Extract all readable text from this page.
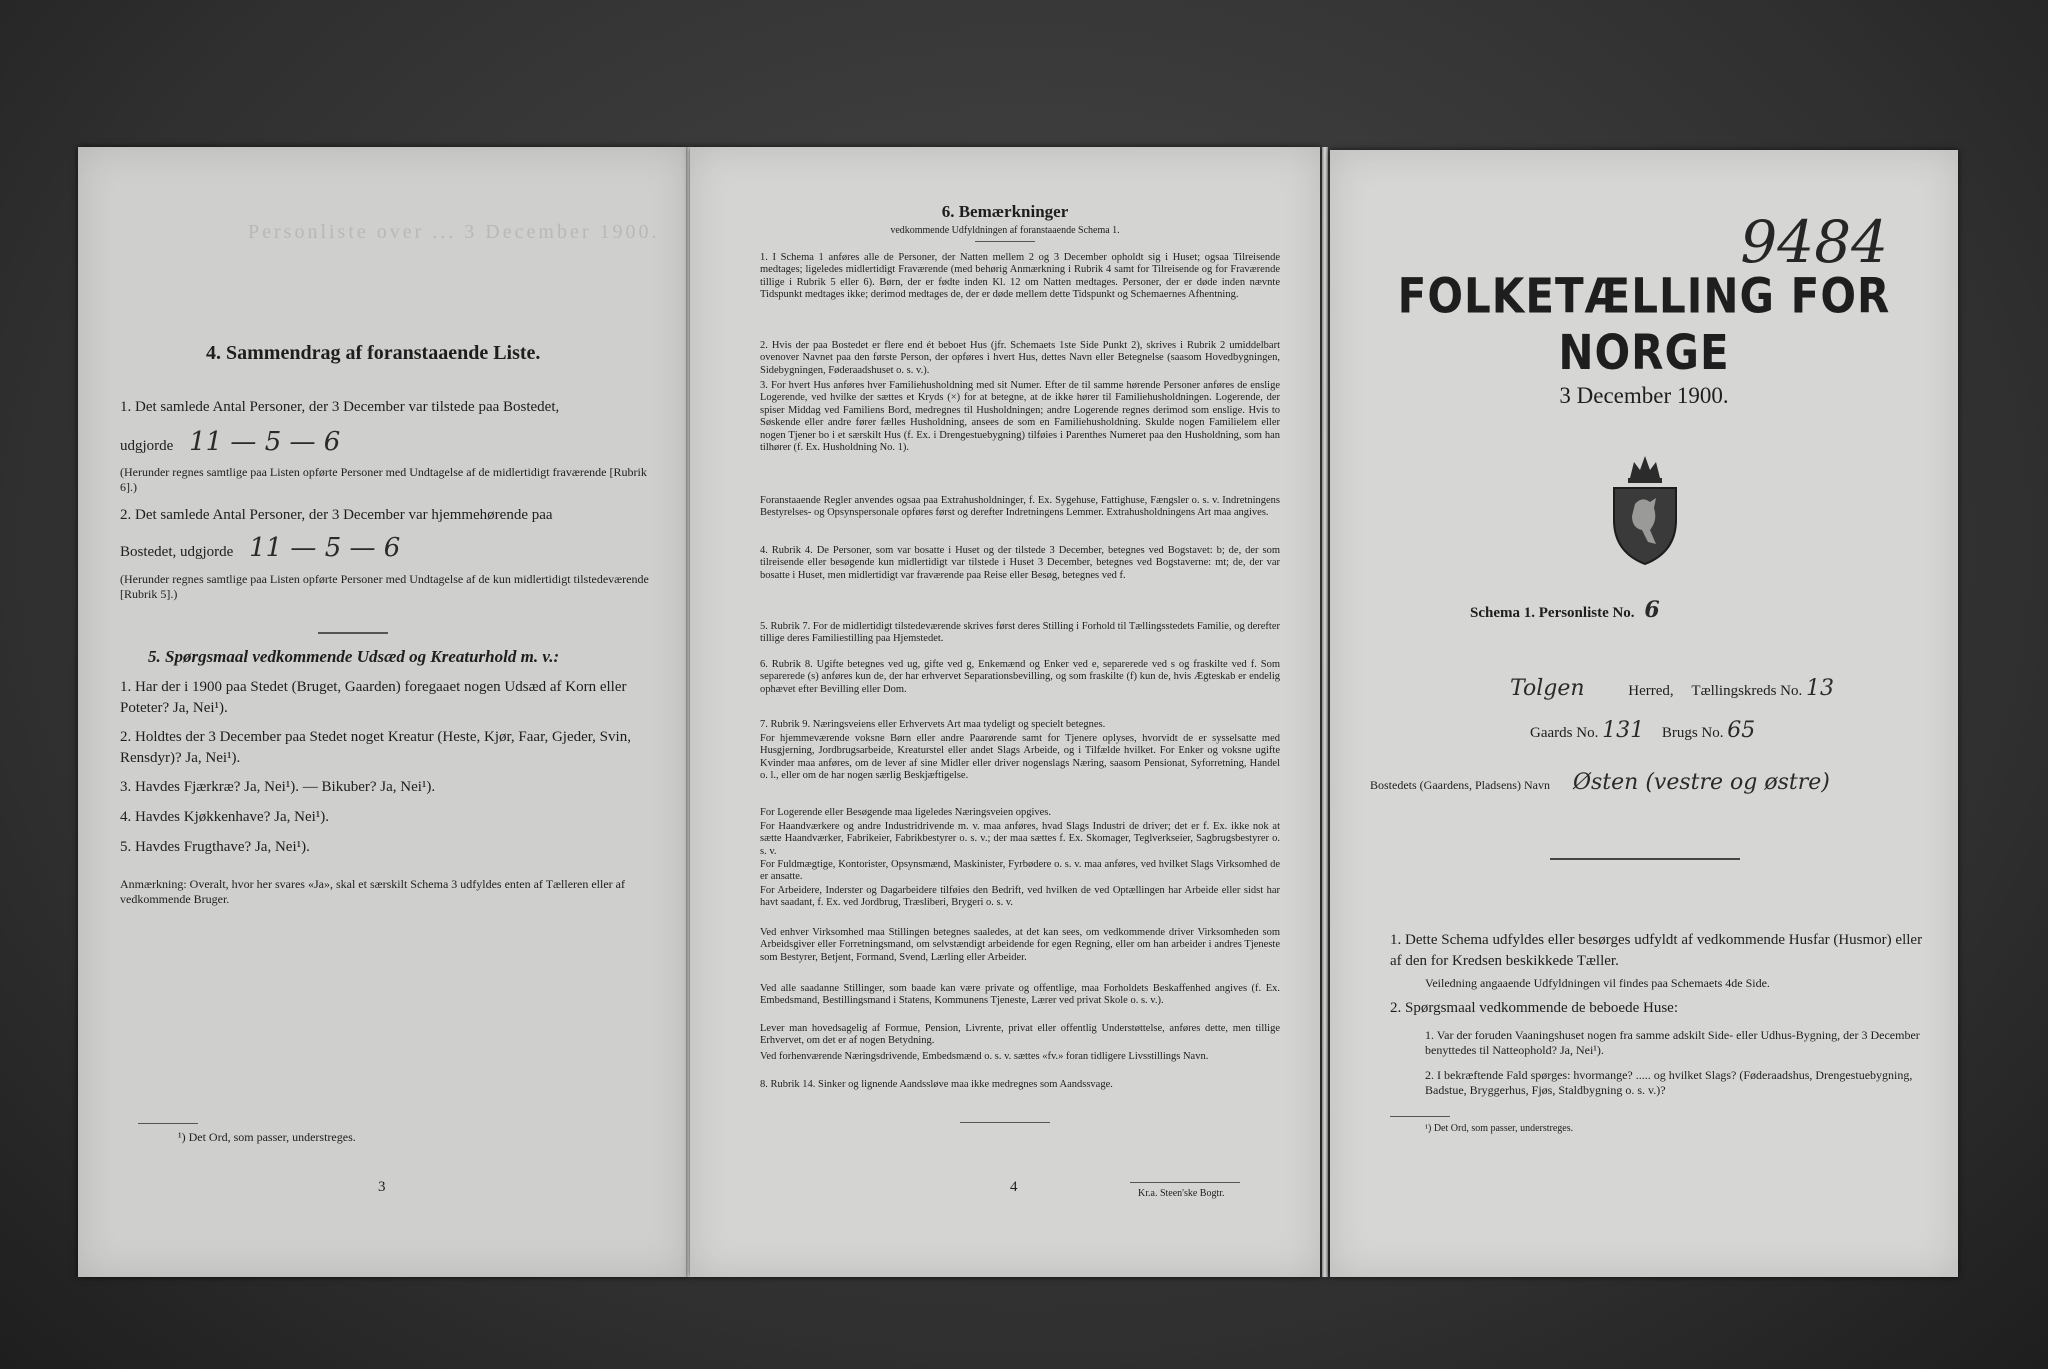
Personliste over ... 3 December 1900.
4. Sammendrag af foranstaaende Liste.
1. Det samlede Antal Personer, der 3 December var tilstede paa Bostedet,
udgjorde 11 — 5 — 6
(Herunder regnes samtlige paa Listen opførte Personer med Undtagelse af de midlertidigt fraværende [Rubrik 6].)
2. Det samlede Antal Personer, der 3 December var hjemmehørende paa
Bostedet, udgjorde 11 — 5 — 6
(Herunder regnes samtlige paa Listen opførte Personer med Undtagelse af de kun midlertidigt tilstedeværende [Rubrik 5].)
5. Spørgsmaal vedkommende Udsæd og Kreaturhold m. v.:
1. Har der i 1900 paa Stedet (Bruget, Gaarden) foregaaet nogen Udsæd af Korn eller Poteter? Ja, Nei¹).
2. Holdtes der 3 December paa Stedet noget Kreatur (Heste, Kjør, Faar, Gjeder, Svin, Rensdyr)? Ja, Nei¹).
3. Havdes Fjærkræ? Ja, Nei¹). — Bikuber? Ja, Nei¹).
4. Havdes Kjøkkenhave? Ja, Nei¹).
5. Havdes Frugthave? Ja, Nei¹).
Anmærkning: Overalt, hvor her svares «Ja», skal et særskilt Schema 3 udfyldes enten af Tælleren eller af vedkommende Bruger.
¹) Det Ord, som passer, understreges.
3
6. Bemærkninger
vedkommende Udfyldningen af foranstaaende Schema 1.
1. I Schema 1 anføres alle de Personer, der Natten mellem 2 og 3 December opholdt sig i Huset; ogsaa Tilreisende medtages; ligeledes midlertidigt Fraværende (med behørig Anmærkning i Rubrik 4 samt for Tilreisende og for Fraværende tillige i Rubrik 5 eller 6). Børn, der er fødte inden Kl. 12 om Natten medtages. Personer, der er døde inden nævnte Tidspunkt medtages ikke; derimod medtages de, der er døde mellem dette Tidspunkt og Schemaernes Afhentning.
2. Hvis der paa Bostedet er flere end ét beboet Hus (jfr. Schemaets 1ste Side Punkt 2), skrives i Rubrik 2 umiddelbart ovenover Navnet paa den første Person, der opføres i hvert Hus, dettes Navn eller Betegnelse (saasom Hovedbygningen, Sidebygningen, Føderaadshuset o. s. v.).
3. For hvert Hus anføres hver Familiehusholdning med sit Numer. Efter de til samme hørende Personer anføres de enslige Logerende, ved hvilke der sættes et Kryds (×) for at betegne, at de ikke hører til Familiehusholdningen. Logerende, der spiser Middag ved Familiens Bord, medregnes til Husholdningen; andre Logerende regnes derimod som enslige. Hvis to Søskende eller andre fører fælles Husholdning, ansees de som en Familiehusholdning. Skulde nogen Familielem eller nogen Tjener bo i et særskilt Hus (f. Ex. i Drengestuebygning) tilføies i Parenthes Numeret paa den Husholdning, som han tilhører (f. Ex. Husholdning No. 1).
Foranstaaende Regler anvendes ogsaa paa Extrahusholdninger, f. Ex. Sygehuse, Fattighuse, Fængsler o. s. v. Indretningens Bestyrelses- og Opsynspersonale opføres først og derefter Indretningens Lemmer. Extrahusholdningens Art maa angives.
4. Rubrik 4. De Personer, som var bosatte i Huset og der tilstede 3 December, betegnes ved Bogstavet: b; de, der som tilreisende eller besøgende kun midlertidigt var tilstede i Huset 3 December, betegnes ved Bogstaverne: mt; de, der var bosatte i Huset, men midlertidigt var fraværende paa Reise eller Besøg, betegnes ved f.
5. Rubrik 7. For de midlertidigt tilstedeværende skrives først deres Stilling i Forhold til Tællingsstedets Familie, og derefter tillige deres Familiestilling paa Hjemstedet.
6. Rubrik 8. Ugifte betegnes ved ug, gifte ved g, Enkemænd og Enker ved e, separerede ved s og fraskilte ved f. Som separerede (s) anføres kun de, der har erhvervet Separationsbevilling, og som fraskilte (f) kun de, hvis Ægteskab er endelig ophævet efter Bevilling eller Dom.
7. Rubrik 9. Næringsveiens eller Erhvervets Art maa tydeligt og specielt betegnes.
For hjemmeværende voksne Børn eller andre Paarørende samt for Tjenere oplyses, hvorvidt de er sysselsatte med Husgjerning, Jordbrugsarbeide, Kreaturstel eller andet Slags Arbeide, og i Tilfælde hvilket. For Enker og voksne ugifte Kvinder maa anføres, om de lever af sine Midler eller driver nogenslags Næring, saasom Pensionat, Syforretning, Handel o. l., eller om de har nogen særlig Beskjæftigelse.
For Logerende eller Besøgende maa ligeledes Næringsveien opgives.
For Haandværkere og andre Industridrivende m. v. maa anføres, hvad Slags Industri de driver; det er f. Ex. ikke nok at sætte Haandværker, Fabrikeier, Fabrikbestyrer o. s. v.; der maa sættes f. Ex. Skomager, Teglverkseier, Sagbrugsbestyrer o. s. v.
For Fuldmægtige, Kontorister, Opsynsmænd, Maskinister, Fyrbødere o. s. v. maa anføres, ved hvilket Slags Virksomhed de er ansatte.
For Arbeidere, Inderster og Dagarbeidere tilføies den Bedrift, ved hvilken de ved Optællingen har Arbeide eller sidst har havt saadant, f. Ex. ved Jordbrug, Træsliberi, Brygeri o. s. v.
Ved enhver Virksomhed maa Stillingen betegnes saaledes, at det kan sees, om vedkommende driver Virksomheden som Arbeidsgiver eller Forretningsmand, om selvstændigt arbeidende for egen Regning, eller om han arbeider i andres Tjeneste som Bestyrer, Betjent, Formand, Svend, Lærling eller Arbeider.
Ved alle saadanne Stillinger, som baade kan være private og offentlige, maa Forholdets Beskaffenhed angives (f. Ex. Embedsmand, Bestillingsmand i Statens, Kommunens Tjeneste, Lærer ved privat Skole o. s. v.).
Lever man hovedsagelig af Formue, Pension, Livrente, privat eller offentlig Understøttelse, anføres dette, men tillige Erhvervet, om det er af nogen Betydning.
Ved forhenværende Næringsdrivende, Embedsmænd o. s. v. sættes «fv.» foran tidligere Livsstillings Navn.
8. Rubrik 14. Sinker og lignende Aandssløve maa ikke medregnes som Aandssvage.
4	Kr.a. Steen'ske Bogtr.
9484
FOLKETÆLLING FOR NORGE
3 December 1900.
Schema 1. Personliste No. 6
Tolgen	Herred, Tællingskreds No. 13
Gaards No. 131 Brugs No. 65
Bostedets (Gaardens, Pladsens) Navn Østen (vestre og østre)
1. Dette Schema udfyldes eller besørges udfyldt af vedkommende Husfar (Husmor) eller af den for Kredsen beskikkede Tæller.
Veiledning angaaende Udfyldningen vil findes paa Schemaets 4de Side.
2. Spørgsmaal vedkommende de beboede Huse:
1. Var der foruden Vaaningshuset nogen fra samme adskilt Side- eller Udhus-Bygning, der 3 December benyttedes til Natteophold? Ja, Nei¹).
2. I bekræftende Fald spørges: hvormange? ..... og hvilket Slags? (Føderaadshus, Drengestuebygning, Badstue, Bryggerhus, Fjøs, Staldbygning o. s. v.)?
¹) Det Ord, som passer, understreges.
